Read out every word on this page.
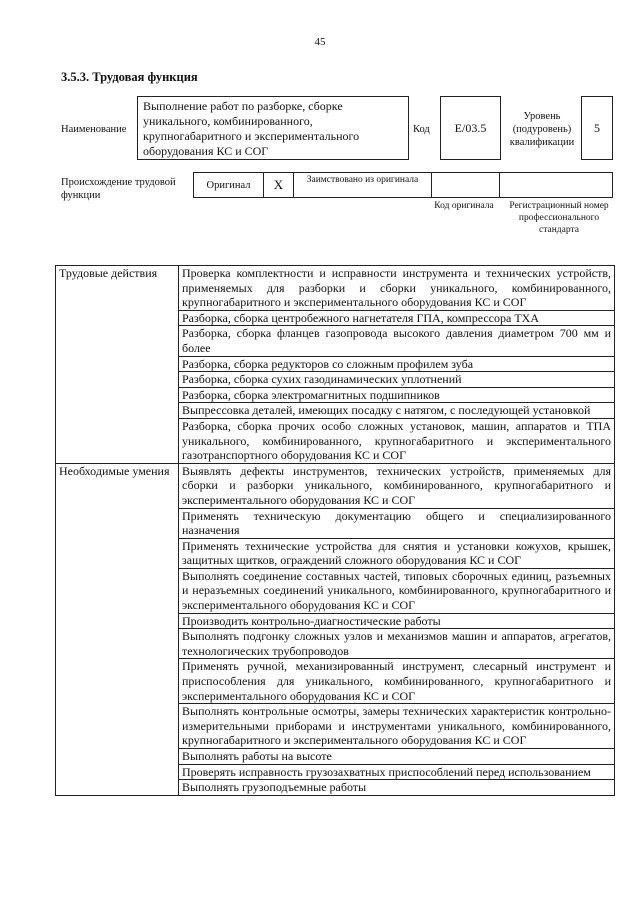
45
3.5.3. Трудовая функция
Наименование
Выполнение работ по разборке, сборке уникального, комбинированного, крупногабаритного и экспериментального оборудования КС и СОГ
Код	E/03.5
Уровень (подуровень) квалификации
5
Происхождение трудовой функции
Оригинал	X	Заимствовано из оригинала
Код оригинала	Регистрационный номер профессионального стандарта
Трудовые действия	Проверка комплектности и исправности инструмента и технических устройств, применяемых для разборки и сборки уникального, комбинированного, крупногабаритного и экспериментального оборудования КС и СОГ
	Разборка, сборка центробежного нагнетателя ГПА, компрессора ТХА
	Разборка, сборка фланцев газопровода высокого давления диаметром 700 мм и более
	Разборка, сборка редукторов со сложным профилем зуба
	Разборка, сборка сухих газодинамических уплотнений
	Разборка, сборка электромагнитных подшипников
	Выпрессовка деталей, имеющих посадку с натягом, с последующей установкой
	Разборка, сборка прочих особо сложных установок, машин, аппаратов и ТПА уникального, комбинированного, крупногабаритного и экспериментального газотранспортного оборудования КС и СОГ
Необходимые умения	Выявлять дефекты инструментов, технических устройств, применяемых для сборки и разборки уникального, комбинированного, крупногабаритного и экспериментального оборудования КС и СОГ
	Применять техническую документацию общего и специализированного назначения
	Применять технические устройства для снятия и установки кожухов, крышек, защитных щитков, ограждений сложного оборудования КС и СОГ
	Выполнять соединение составных частей, типовых сборочных единиц, разъемных и неразъемных соединений уникального, комбинированного, крупногабаритного и экспериментального оборудования КС и СОГ
	Производить контрольно-диагностические работы
	Выполнять подгонку сложных узлов и механизмов машин и аппаратов, агрегатов, технологических трубопроводов
	Применять ручной, механизированный инструмент, слесарный инструмент и приспособления для уникального, комбинированного, крупногабаритного и экспериментального оборудования КС и СОГ
	Выполнять контрольные осмотры, замеры технических характеристик контрольно-измерительными приборами и инструментами уникального, комбинированного, крупногабаритного и экспериментального оборудования КС и СОГ
	Выполнять работы на высоте
	Проверять исправность грузозахватных приспособлений перед использованием
	Выполнять грузоподъемные работы
